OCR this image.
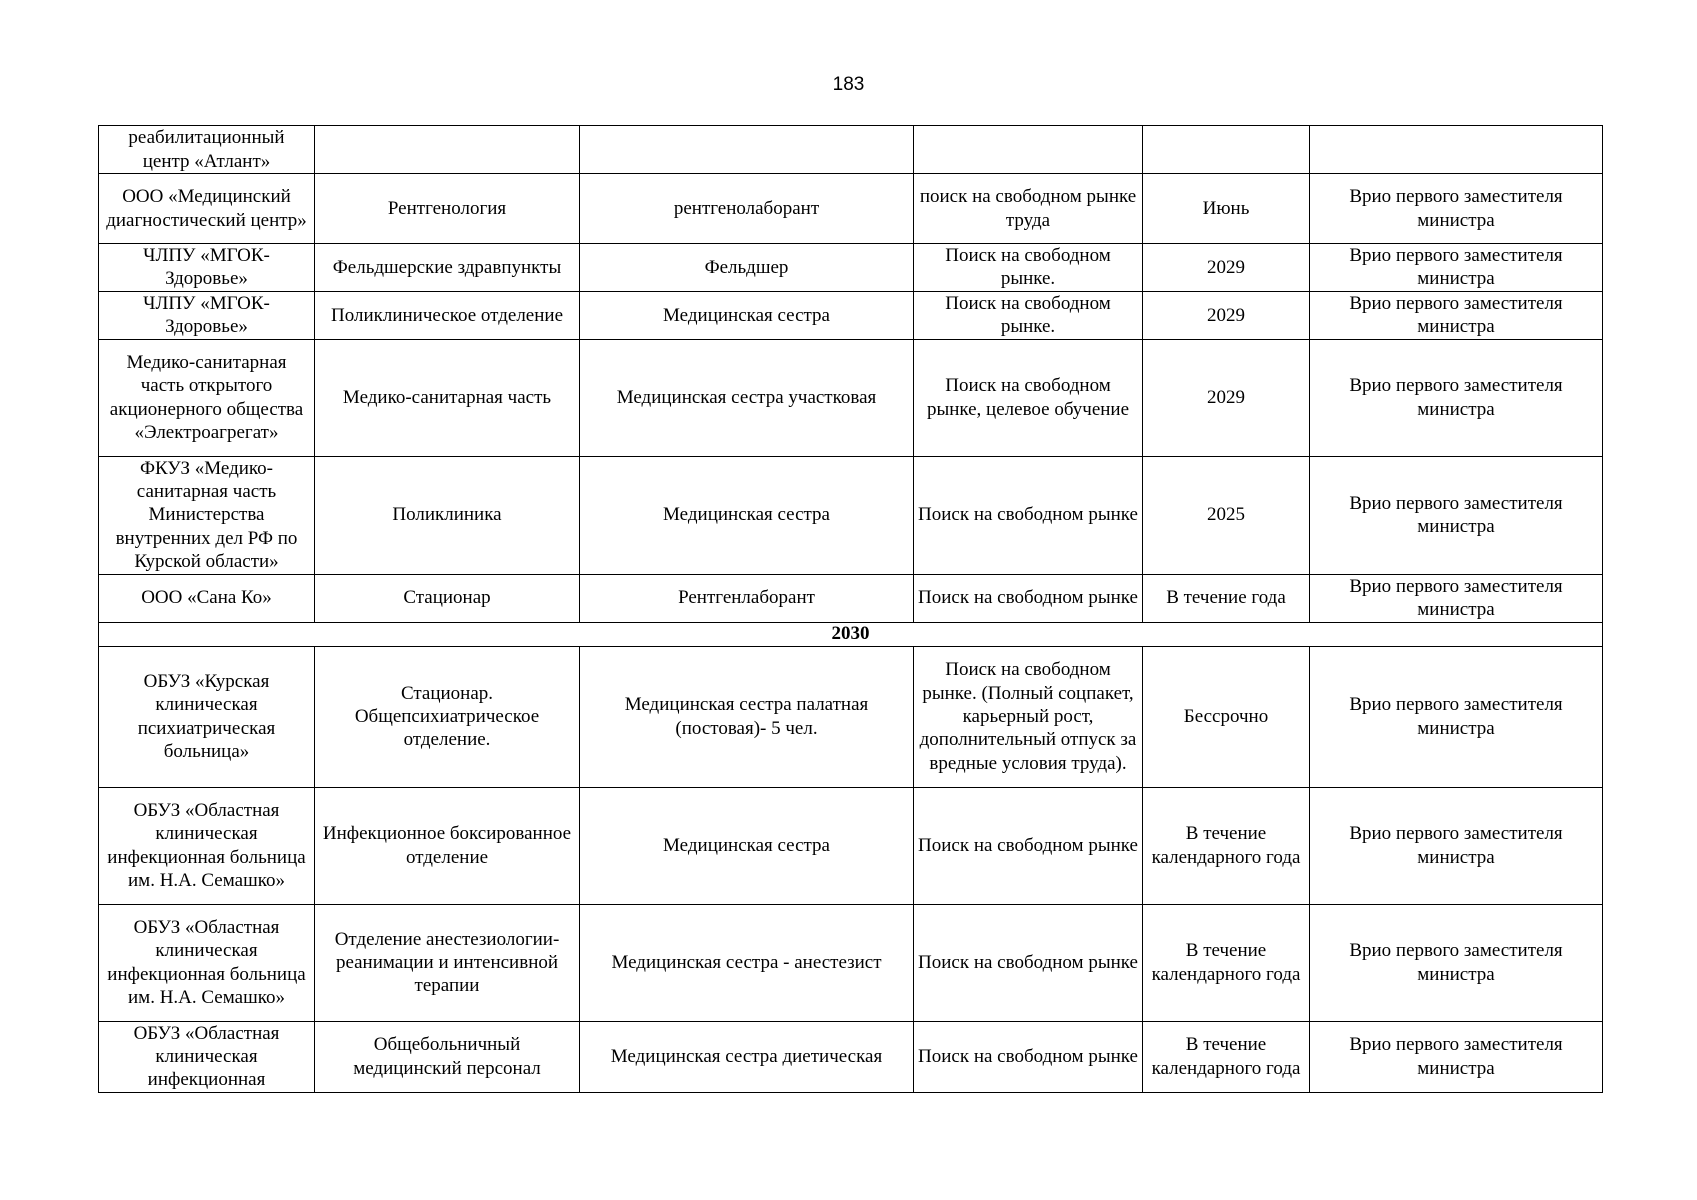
183
реабилитационный центр «Атлант»					
ООО «Медицинский диагностический центр»	Рентгенология	рентгенолаборант	поиск на свободном рынке труда	Июнь	Врио первого заместителя министра
ЧЛПУ «МГОК-Здоровье»	Фельдшерские здравпункты	Фельдшер	Поиск на свободном рынке.	2029	Врио первого заместителя министра
ЧЛПУ «МГОК-Здоровье»	Поликлиническое отделение	Медицинская сестра	Поиск на свободном рынке.	2029	Врио первого заместителя министра
Медико-санитарная часть открытого акционерного общества «Электроагрегат»	Медико-санитарная часть	Медицинская сестра участковая	Поиск на свободном рынке, целевое обучение	2029	Врио первого заместителя министра
ФКУЗ «Медико-санитарная часть Министерства внутренних дел РФ по Курской области»	Поликлиника	Медицинская сестра	Поиск на свободном рынке	2025	Врио первого заместителя министра
ООО «Сана Ко»	Стационар	Рентгенлаборант	Поиск на свободном рынке	В течение года	Врио первого заместителя министра
2030					
ОБУЗ «Курская клиническая психиатрическая больница»	Стационар. Общепсихиатрическое отделение.	Медицинская сестра палатная (постовая)- 5 чел.	Поиск на свободном рынке. (Полный соцпакет, карьерный рост, дополнительный отпуск за вредные условия труда).	Бессрочно	Врио первого заместителя министра
ОБУЗ «Областная клиническая инфекционная больница им. Н.А. Семашко»	Инфекционное боксированное отделение	Медицинская сестра	Поиск на свободном рынке	В течение календарного года	Врио первого заместителя министра
ОБУЗ «Областная клиническая инфекционная больница им. Н.А. Семашко»	Отделение анестезиологии-реанимации и интенсивной терапии	Медицинская сестра - анестезист	Поиск на свободном рынке	В течение календарного года	Врио первого заместителя министра
ОБУЗ «Областная клиническая инфекционная	Общебольничный медицинский персонал	Медицинская сестра диетическая	Поиск на свободном рынке	В течение календарного года	Врио первого заместителя министра
